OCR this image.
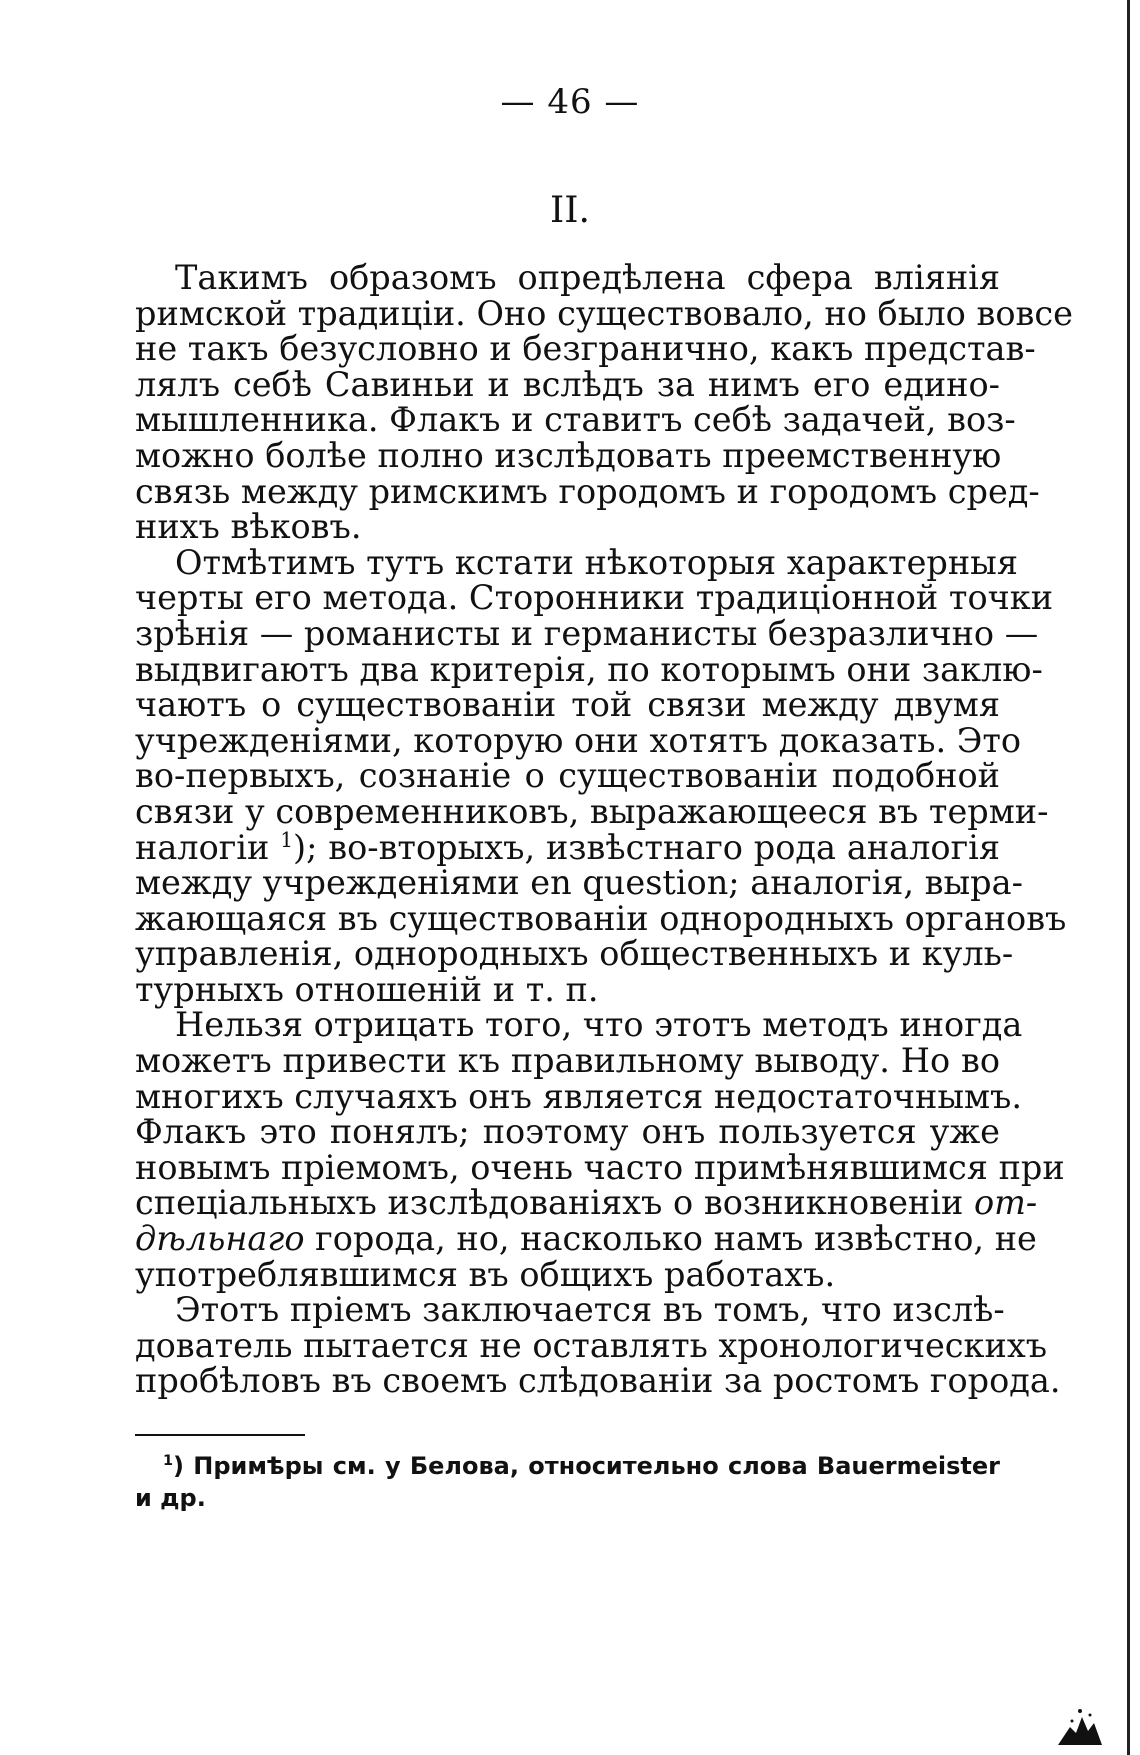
— 46 —
II.
Такимъ образомъ опредѣлена сфера вліянія
римской традиціи. Оно существовало, но было вовсе
не такъ безусловно и безгранично, какъ представ-
лялъ себѣ Савиньи и вслѣдъ за нимъ его едино-
мышленника. Флакъ и ставитъ себѣ задачей, воз-
можно болѣе полно изслѣдовать преемственную
связь между римскимъ городомъ и городомъ сред-
нихъ вѣковъ.
Отмѣтимъ тутъ кстати нѣкоторыя характерныя
черты его метода. Сторонники традиціонной точки
зрѣнія — романисты и германисты безразлично —
выдвигаютъ два критерія, по которымъ они заклю-
чаютъ о существованіи той связи между двумя
учрежденіями, которую они хотятъ доказать. Это
во-первыхъ, сознаніе о существованіи подобной
связи у современниковъ, выражающееся въ терми-
налогіи $^1$); во-вторыхъ, извѣстнаго рода аналогія
между учрежденіями en question; аналогія, выра-
жающаяся въ существованіи однородныхъ органовъ
управленія, однородныхъ общественныхъ и куль-
турныхъ отношеній и т. п.
Нельзя отрицать того, что этотъ методъ иногда
можетъ привести къ правильному выводу. Но во
многихъ случаяхъ онъ является недостаточнымъ.
Флакъ это понялъ; поэтому онъ пользуется уже
новымъ пріемомъ, очень часто примѣнявшимся при
спеціальныхъ изслѣдованіяхъ о возникновеніи от-
дѣльнаго города, но, насколько намъ извѣстно, не
употреблявшимся въ общихъ работахъ.
Этотъ пріемъ заключается въ томъ, что изслѣ-
дователь пытается не оставлять хронологическихъ
пробѣловъ въ своемъ слѣдованіи за ростомъ города.
$^1$) Примѣры см. у Белова, относительно слова Bauermeister
и др.
